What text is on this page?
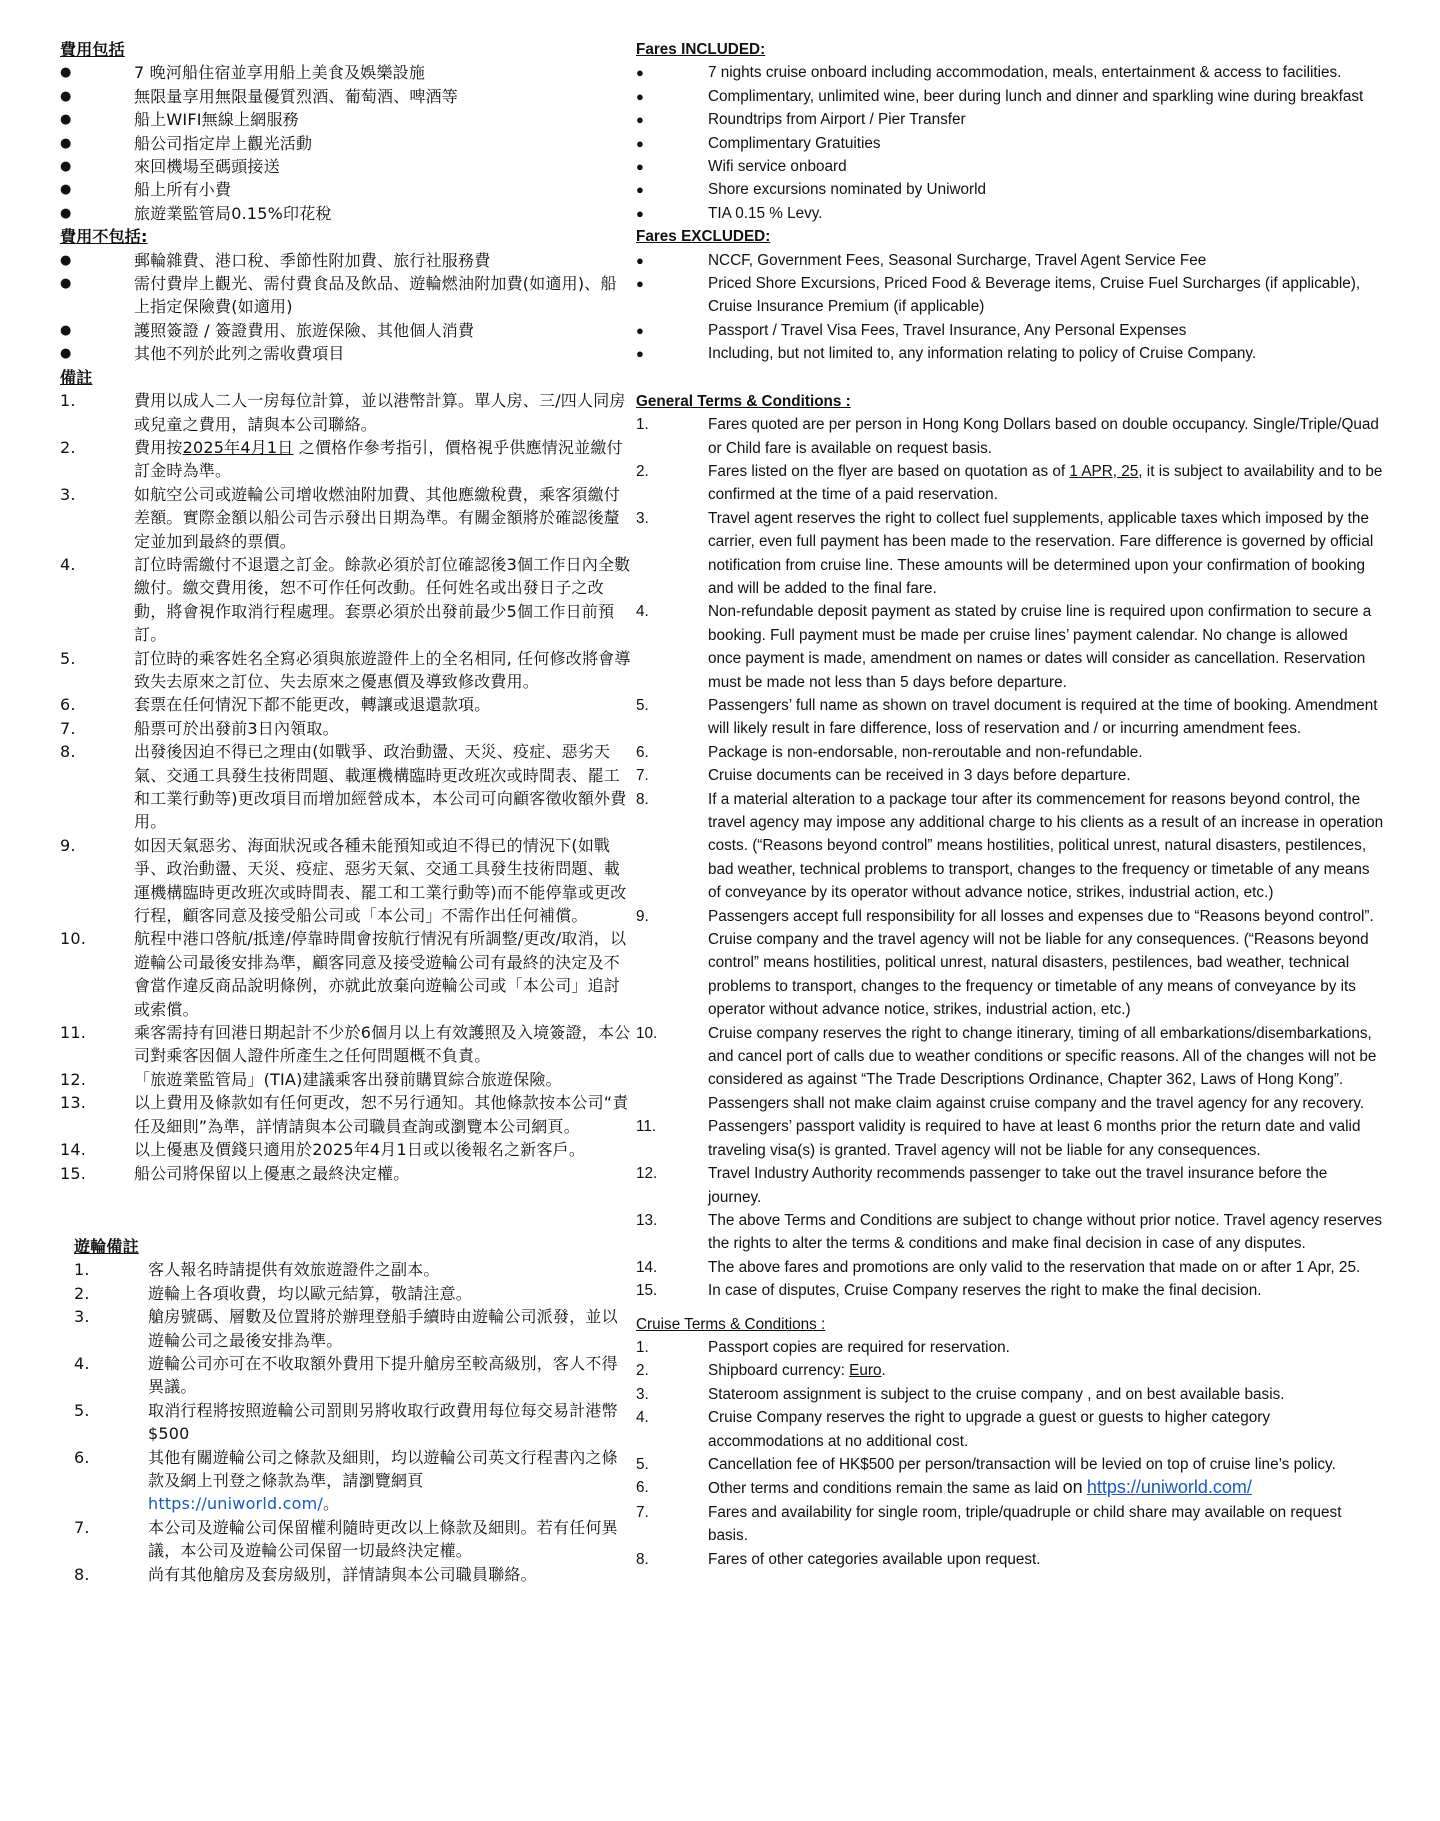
費用包括

●	7 晚河船住宿並享用船上美食及娛樂設施
●	無限量享用無限量優質烈酒、葡萄酒、啤酒等
●	船上WIFI無線上網服務
●	船公司指定岸上觀光活動
●	來回機場至碼頭接送
●	船上所有小費
●	旅遊業監管局0.15%印花稅

費用不包括:

●	郵輪雜費、港口稅、季節性附加費、旅行社服務費
●	需付費岸上觀光、需付費食品及飲品、遊輪燃油附加費(如適用)、船上指定保險費(如適用)
●	護照簽證 / 簽證費用、旅遊保險、其他個人消費
●	其他不列於此列之需收費項目

備註

1.	費用以成人二人一房每位計算，並以港幣計算。單人房、三/四人同房或兒童之費用，請與本公司聯絡。
2.	費用按2025年4月1日 之價格作參考指引，價格視乎供應情況並繳付訂金時為準。
3.	如航空公司或遊輪公司增收燃油附加費、其他應繳稅費，乘客須繳付差額。實際金額以船公司告示發出日期為準。有關金額將於確認後釐定並加到最終的票價。
4.	訂位時需繳付不退還之訂金。餘款必須於訂位確認後3個工作日內全數繳付。繳交費用後，恕不可作任何改動。任何姓名或出發日子之改動，將會視作取消行程處理。套票必須於出發前最少5個工作日前預訂。
5.	訂位時的乘客姓名全寫必須與旅遊證件上的全名相同, 任何修改將會導致失去原來之訂位、失去原來之優惠價及導致修改費用。
6.	套票在任何情況下都不能更改，轉讓或退還款項。
7.	船票可於出發前3日內領取。
8.	出發後因迫不得已之理由(如戰爭、政治動盪、天災、疫症、惡劣天氣、交通工具發生技術問題、載運機構臨時更改班次或時間表、罷工和工業行動等)更改項目而增加經營成本，本公司可向顧客徵收額外費用。
9.	如因天氣惡劣、海面狀況或各種未能預知或迫不得已的情況下(如戰爭、政治動盪、天災、疫症、惡劣天氣、交通工具發生技術問題、載運機構臨時更改班次或時間表、罷工和工業行動等)而不能停靠或更改行程，顧客同意及接受船公司或「本公司」不需作出任何補償。
10.	航程中港口啓航/抵達/停靠時間會按航行情況有所調整/更改/取消，以遊輪公司最後安排為準，顧客同意及接受遊輪公司有最終的決定及不會當作違反商品說明條例，亦就此放棄向遊輪公司或「本公司」追討或索償。
11.	乘客需持有回港日期起計不少於6個月以上有效護照及入境簽證，本公司對乘客因個人證件所產生之任何問題概不負責。
12.	「旅遊業監管局」(TIA)建議乘客出發前購買綜合旅遊保險。
13.	以上費用及條款如有任何更改，恕不另行通知。其他條款按本公司“責任及細則”為準，詳情請與本公司職員查詢或瀏覽本公司網頁。
14.	以上優惠及價錢只適用於2025年4月1日或以後報名之新客戶。
15.	船公司將保留以上優惠之最終決定權。

遊輪備註

1.	客人報名時請提供有效旅遊證件之副本。
2.	遊輪上各項收費，均以歐元結算，敬請注意。
3.	艙房號碼、層數及位置將於辦理登船手續時由遊輪公司派發，並以遊輪公司之最後安排為準。
4.	遊輪公司亦可在不收取額外費用下提升艙房至較高級別，客人不得異議。
5.	取消行程將按照遊輪公司罰則另將收取行政費用每位每交易計港幣$500
6.	其他有關遊輪公司之條款及細則，均以遊輪公司英文行程書內之條款及網上刊登之條款為準，請瀏覽網頁
https://uniworld.com/。
7.	本公司及遊輪公司保留權利隨時更改以上條款及細則。若有任何異議，本公司及遊輪公司保留一切最終決定權。
8.	尚有其他艙房及套房級別，詳情請與本公司職員聯絡。

Fares INCLUDED:

●	7 nights cruise onboard including accommodation, meals, entertainment & access to facilities.
●	Complimentary, unlimited wine, beer during lunch and dinner and sparkling wine during breakfast
●	Roundtrips from Airport / Pier Transfer
●	Complimentary Gratuities
●	Wifi service onboard
●	Shore excursions nominated by Uniworld
●	TIA 0.15 % Levy.

Fares EXCLUDED:

●	NCCF, Government Fees, Seasonal Surcharge, Travel Agent Service Fee
●	Priced Shore Excursions, Priced Food & Beverage items, Cruise Fuel Surcharges (if applicable), Cruise Insurance Premium (if applicable)
●	Passport / Travel Visa Fees, Travel Insurance, Any Personal Expenses
●	Including, but not limited to, any information relating to policy of Cruise Company.

General Terms & Conditions :

1.	Fares quoted are per person in Hong Kong Dollars based on double occupancy. Single/Triple/Quad or Child fare is available on request basis.
2.	Fares listed on the flyer are based on quotation as of 1 APR, 25, it is subject to availability and to be confirmed at the time of a paid reservation.
3.	Travel agent reserves the right to collect fuel supplements, applicable taxes which imposed by the carrier, even full payment has been made to the reservation. Fare difference is governed by official notification from cruise line. These amounts will be determined upon your confirmation of booking and will be added to the final fare.
4.	Non-refundable deposit payment as stated by cruise line is required upon confirmation to secure a booking. Full payment must be made per cruise lines’ payment calendar. No change is allowed once payment is made, amendment on names or dates will consider as cancellation. Reservation must be made not less than 5 days before departure.
5.	Passengers’ full name as shown on travel document is required at the time of booking. Amendment will likely result in fare difference, loss of reservation and / or incurring amendment fees.
6.	Package is non-endorsable, non-reroutable and non-refundable.
7.	Cruise documents can be received in 3 days before departure.
8.	If a material alteration to a package tour after its commencement for reasons beyond control, the travel agency may impose any additional charge to his clients as a result of an increase in operation costs. (“Reasons beyond control” means hostilities, political unrest, natural disasters, pestilences, bad weather, technical problems to transport, changes to the frequency or timetable of any means of conveyance by its operator without advance notice, strikes, industrial action, etc.)
9.	Passengers accept full responsibility for all losses and expenses due to “Reasons beyond control”. Cruise company and the travel agency will not be liable for any consequences. (“Reasons beyond control” means hostilities, political unrest, natural disasters, pestilences, bad weather, technical problems to transport, changes to the frequency or timetable of any means of conveyance by its operator without advance notice, strikes, industrial action, etc.)
10.	Cruise company reserves the right to change itinerary, timing of all embarkations/disembarkations, and cancel port of calls due to weather conditions or specific reasons. All of the changes will not be considered as against “The Trade Descriptions Ordinance, Chapter 362, Laws of Hong Kong”. Passengers shall not make claim against cruise company and the travel agency for any recovery.
11.	Passengers’ passport validity is required to have at least 6 months prior the return date and valid traveling visa(s) is granted. Travel agency will not be liable for any consequences.
12.	Travel Industry Authority recommends passenger to take out the travel insurance before the journey.
13.	The above Terms and Conditions are subject to change without prior notice. Travel agency reserves the rights to alter the terms & conditions and make final decision in case of any disputes.
14.	The above fares and promotions are only valid to the reservation that made on or after 1 Apr, 25.
15.	In case of disputes, Cruise Company reserves the right to make the final decision.

Cruise Terms & Conditions :

1.	Passport copies are required for reservation.
2.	Shipboard currency: Euro.
3.	Stateroom assignment is subject to the cruise company , and on best available basis.
4.	Cruise Company reserves the right to upgrade a guest or guests to higher category accommodations at no additional cost.
5.	Cancellation fee of HK$500 per person/transaction will be levied on top of cruise line’s policy.
6.	Other terms and conditions remain the same as laid on https://uniworld.com/
7.	Fares and availability for single room, triple/quadruple or child share may available on request basis.
8.	Fares of other categories available upon request.
